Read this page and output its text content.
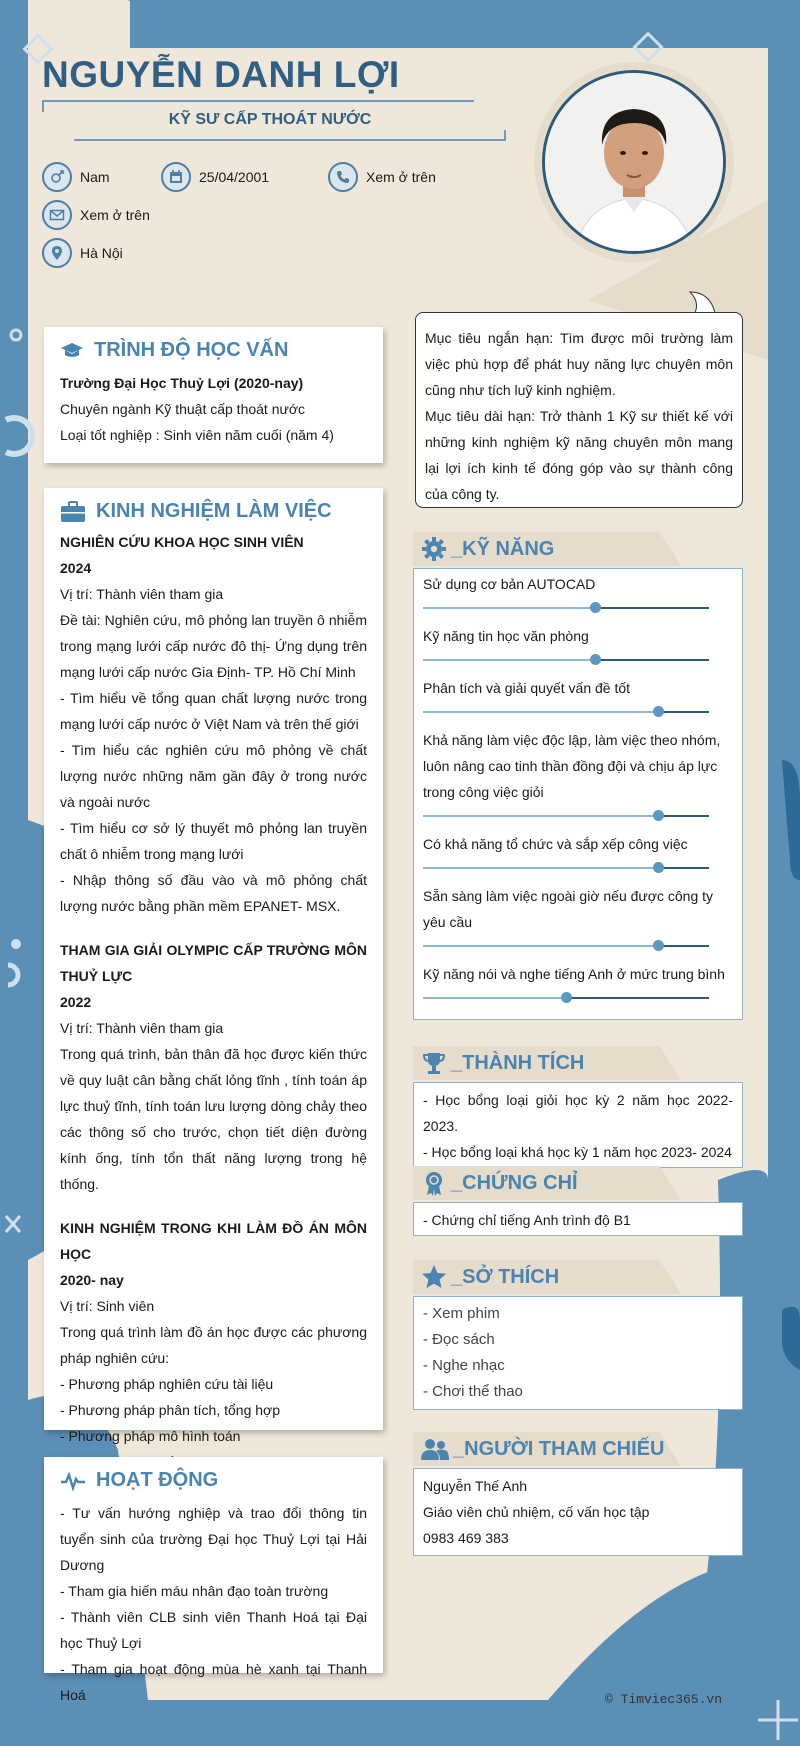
NGUYỄN DANH LỢI
KỸ SƯ CẤP THOÁT NƯỚC
Nam	25/04/2001	Xem ở trên
Xem ở trên
Hà Nội
Mục tiêu ngắn hạn: Tìm được môi trường làm việc phù hợp để phát huy năng lực chuyên môn cũng như tích luỹ kinh nghiệm.
Mục tiêu dài hạn: Trở thành 1 Kỹ sư thiết kế với những kinh nghiệm kỹ năng chuyên môn mang lại lợi ích kinh tế đóng góp vào sự thành công của công ty.
TRÌNH ĐỘ HỌC VẤN
Trường Đại Học Thuỷ Lợi (2020-nay)
Chuyên ngành Kỹ thuật cấp thoát nước
Loại tốt nghiệp : Sinh viên năm cuối (năm 4)
KINH NGHIỆM LÀM VIỆC
NGHIÊN CỨU KHOA HỌC SINH VIÊN
2024
Vị trí: Thành viên tham gia
Đề tài: Nghiên cứu, mô phỏng lan truyền ô nhiễm trong mạng lưới cấp nước đô thị- Ứng dụng trên mạng lưới cấp nước Gia Định- TP. Hồ Chí Minh
- Tìm hiểu về tổng quan chất lượng nước trong mạng lưới cấp nước ở Việt Nam và trên thế giới
- Tìm hiểu các nghiên cứu mô phỏng về chất lượng nước những năm gần đây ở trong nước và ngoài nước
- Tìm hiểu cơ sở lý thuyết mô phỏng lan truyền chất ô nhiễm trong mạng lưới
- Nhập thông số đầu vào và mô phỏng chất lượng nước bằng phần mềm EPANET- MSX.
THAM GIA GIẢI OLYMPIC CẤP TRƯỜNG MÔN THUỶ LỰC
2022
Vị trí: Thành viên tham gia
Trong quá trình, bản thân đã học được kiến thức về quy luật cân bằng chất lỏng tĩnh , tính toán áp lực thuỷ tĩnh, tính toán lưu lượng dòng chảy theo các thông số cho trước, chọn tiết diện đường kính ống, tính tổn thất năng lượng trong hệ thống.
KINH NGHIỆM TRONG KHI LÀM ĐỒ ÁN MÔN HỌC
2020- nay
Vị trí: Sinh viên
Trong quá trình làm đồ án học được các phương pháp nghiên cứu:
- Phương pháp nghiên cứu tài liệu
- Phương pháp phân tích, tổng hợp
- Phương pháp mô hình toán
HOẠT ĐỘNG
- Tư vấn hướng nghiệp và trao đổi thông tin tuyển sinh của trường Đại học Thuỷ Lợi tại Hải Dương
- Tham gia hiến máu nhân đạo toàn trường
- Thành viên CLB sinh viên Thanh Hoá tại Đại học Thuỷ Lợi
- Tham gia hoạt động mùa hè xanh tại Thanh Hoá
_KỸ NĂNG
Sử dụng cơ bản AUTOCAD
Kỹ năng tin học văn phòng
Phân tích và giải quyết vấn đề tốt
Khả năng làm việc độc lập, làm việc theo nhóm, luôn nâng cao tinh thần đồng đội và chịu áp lực trong công việc giỏi
Có khả năng tổ chức và sắp xếp công việc
Sẵn sàng làm việc ngoài giờ nếu được công ty yêu cầu
Kỹ năng nói và nghe tiếng Anh ở mức trung bình
_THÀNH TÍCH
- Học bổng loại giỏi học kỳ 2 năm học 2022- 2023.
- Học bổng loại khá học kỳ 1 năm học 2023- 2024
_CHỨNG CHỈ
- Chứng chỉ tiếng Anh trình độ B1
_SỞ THÍCH
- Xem phim
- Đọc sách
- Nghe nhạc
- Chơi thể thao
_NGƯỜI THAM CHIẾU
Nguyễn Thế Anh
Giáo viên chủ nhiệm, cố vấn học tập
0983 469 383
© Timviec365.vn
